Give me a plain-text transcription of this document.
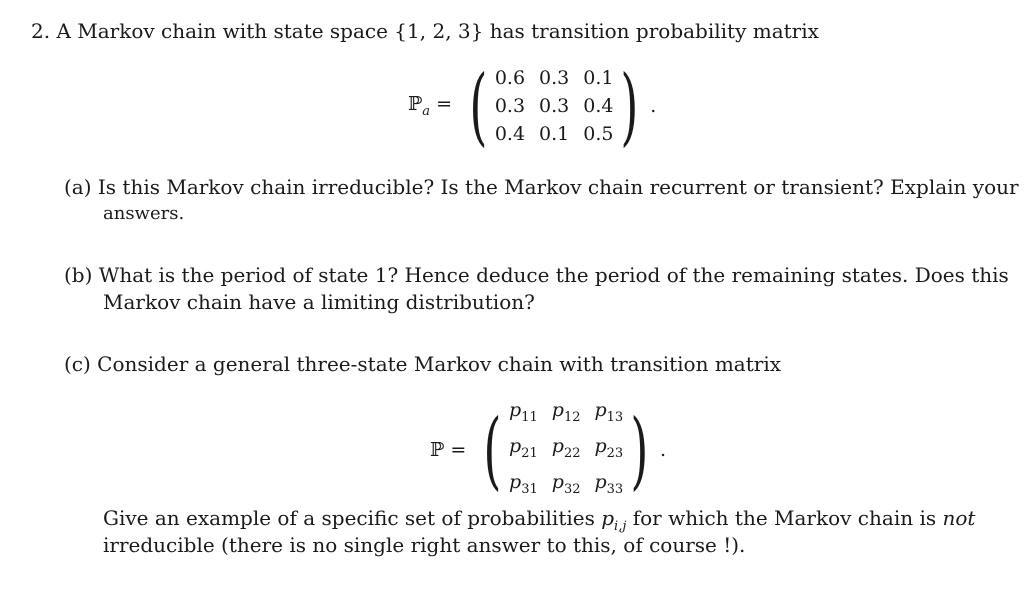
2. A Markov chain with state space {1, 2, 3} has transition probability matrix
ℙ$_a$ = ( 0.6 0.3 0.1
0.3 0.3 0.4
0.4 0.1 0.5 ) .
(a) Is this Markov chain irreducible? Is the Markov chain recurrent or transient? Explain your
answers.
(b) What is the period of state 1? Hence deduce the period of the remaining states. Does this
Markov chain have a limiting distribution?
(c) Consider a general three-state Markov chain with transition matrix
ℙ = ( $p_{11}$ $p_{12}$ $p_{13}$
$p_{21}$ $p_{22}$ $p_{23}$
$p_{31}$ $p_{32}$ $p_{33}$ ) .
Give an example of a specific set of probabilities $p_{i,j}$ for which the Markov chain is not
irreducible (there is no single right answer to this, of course !).
